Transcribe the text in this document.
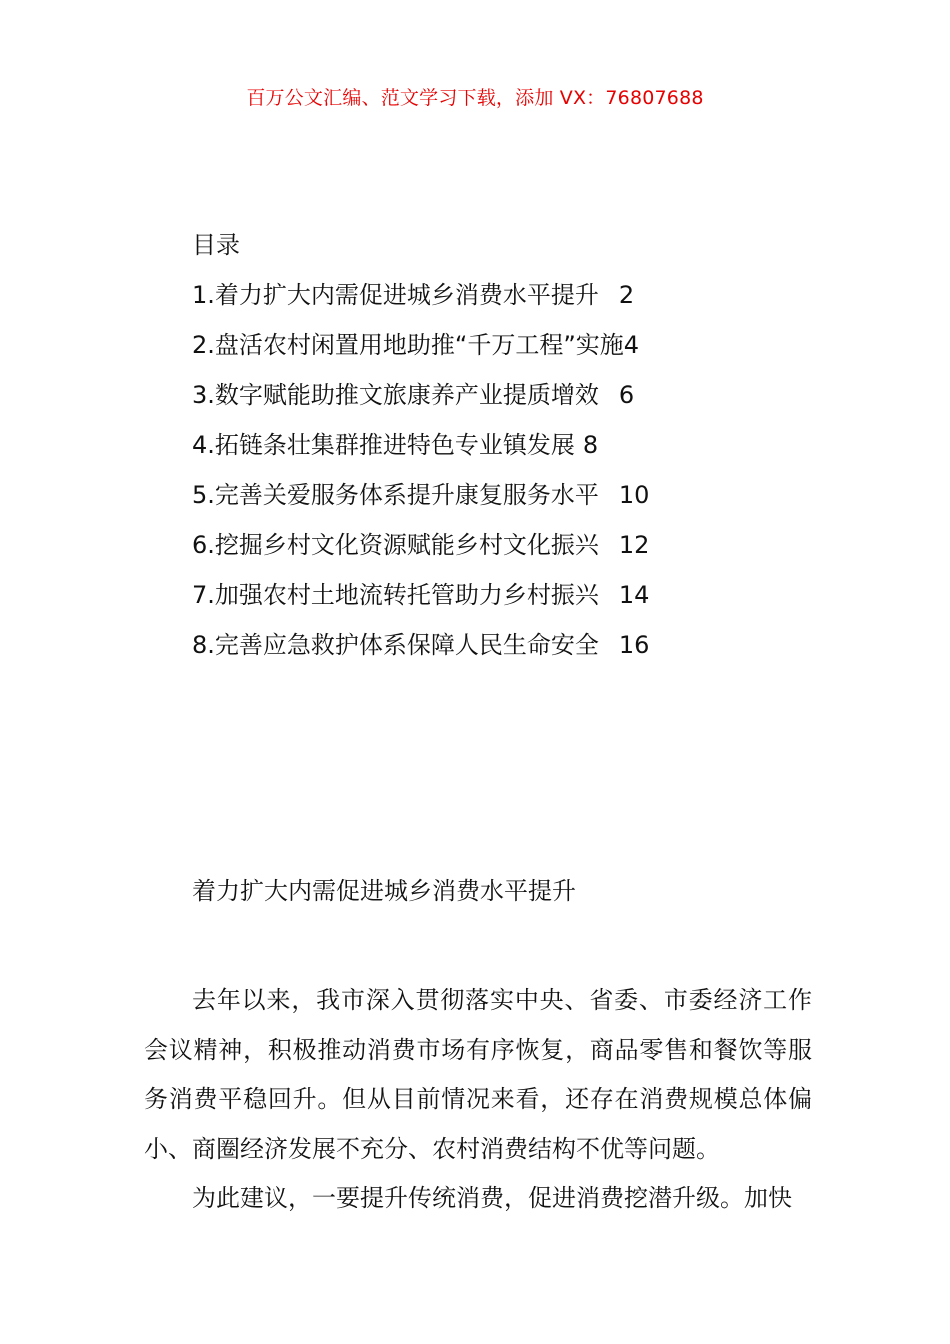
百万公文汇编、范文学习下载，添加 VX：76807688
目录
1.着力扩大内需促进城乡消费水平提升 2
2.盘活农村闲置用地助推“千万工程”实施4
3.数字赋能助推文旅康养产业提质增效 6
4.拓链条壮集群推进特色专业镇发展 8
5.完善关爱服务体系提升康复服务水平 10
6.挖掘乡村文化资源赋能乡村文化振兴 12
7.加强农村土地流转托管助力乡村振兴 14
8.完善应急救护体系保障人民生命安全 16
着力扩大内需促进城乡消费水平提升

去年以来，我市深入贯彻落实中央、省委、市委经济工作会议精神，积极推动消费市场有序恢复，商品零售和餐饮等服务消费平稳回升。但从目前情况来看，还存在消费规模总体偏小、商圈经济发展不充分、农村消费结构不优等问题。

为此建议，一要提升传统消费，促进消费挖潜升级。加快
